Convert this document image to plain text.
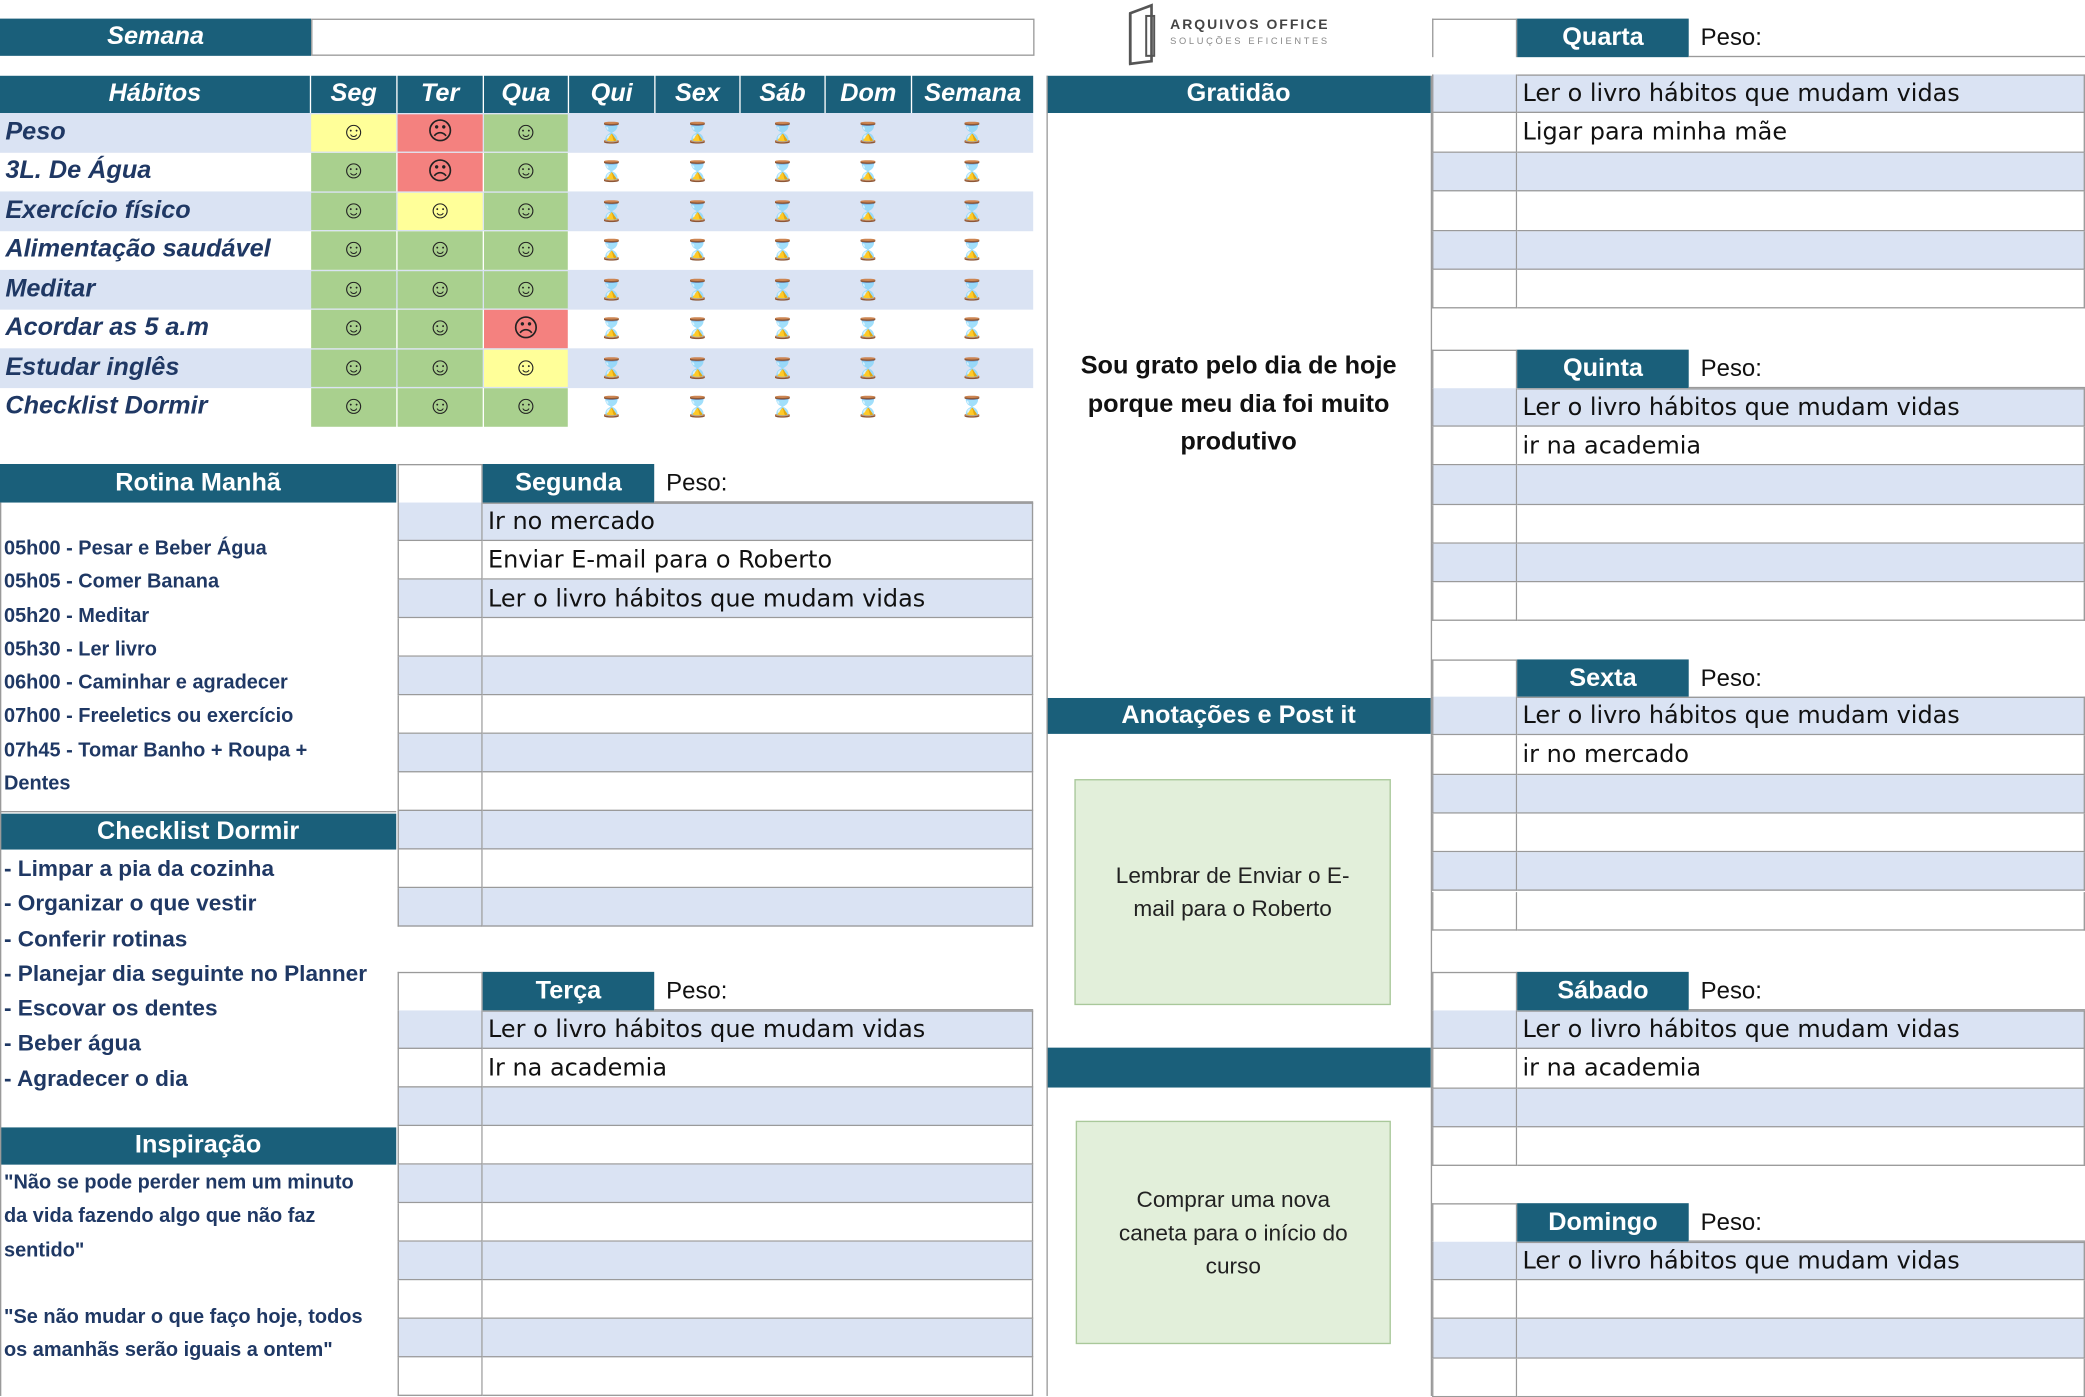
Semana	ARQUIVOS OFFICE
SOLUÇÕES EFICIENTES
Hábitos	Seg	Ter	Qua	Qui	Sex	Sáb	Dom	Semana
Peso	☺	☹	☺	⌛	⌛	⌛	⌛	⌛
3L. De Água	☺	☹	☺	⌛	⌛	⌛	⌛	⌛
Exercício físico	☺	☺	☺	⌛	⌛	⌛	⌛	⌛
Alimentação saudável	☺	☺	☺	⌛	⌛	⌛	⌛	⌛
Meditar	☺	☺	☺	⌛	⌛	⌛	⌛	⌛
Acordar as 5 a.m	☺	☺	☹	⌛	⌛	⌛	⌛	⌛
Estudar inglês	☺	☺	☺	⌛	⌛	⌛	⌛	⌛
Checklist Dormir	☺	☺	☺	⌛	⌛	⌛	⌛	⌛
Rotina Manhã
05h00 - Pesar e Beber Água
05h05 - Comer Banana
05h20 - Meditar
05h30 - Ler livro
06h00 - Caminhar e agradecer
07h00 - Freeletics ou exercício
07h45 - Tomar Banho + Roupa +
Dentes
Checklist Dormir
- Limpar a pia da cozinha
- Organizar o que vestir
- Conferir rotinas
- Planejar dia seguinte no Planner
- Escovar os dentes
- Beber água
- Agradecer o dia
Inspiração
"Não se pode perder nem um minuto
da vida fazendo algo que não faz
sentido"

"Se não mudar o que faço hoje, todos
os amanhãs serão iguais a ontem"
Gratidão
Sou grato pelo dia de hoje
porque meu dia foi muito
produtivo
Anotações e Post it
Lembrar de Enviar o E-
mail para o Roberto
Comprar uma nova
caneta para o início do
curso
Segunda	Peso:
Ir no mercado
Enviar E-mail para o Roberto
Ler o livro hábitos que mudam vidas
Terça	Peso:
Ler o livro hábitos que mudam vidas
Ir na academia
Quarta	Peso:
Ler o livro hábitos que mudam vidas
Ligar para minha mãe
Quinta	Peso:
Ler o livro hábitos que mudam vidas
ir na academia
Sexta	Peso:
Ler o livro hábitos que mudam vidas
ir no mercado
Sábado	Peso:
Ler o livro hábitos que mudam vidas
ir na academia
Domingo	Peso:
Ler o livro hábitos que mudam vidas
